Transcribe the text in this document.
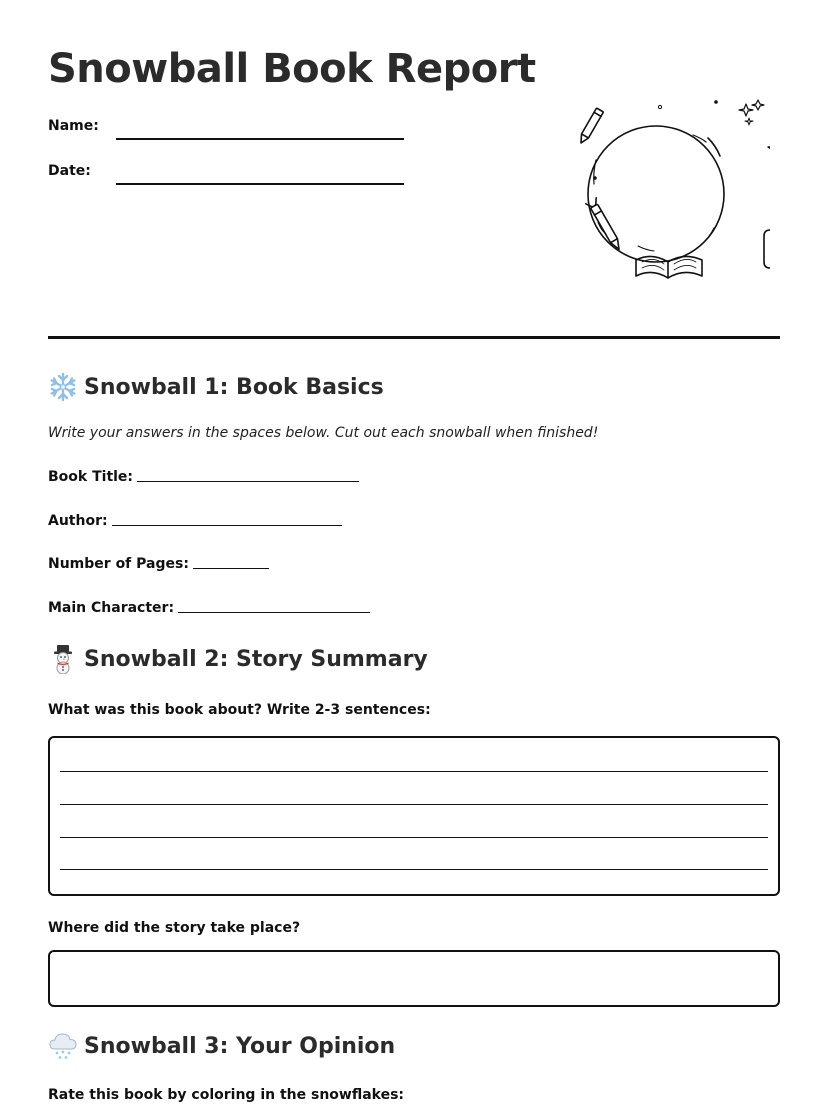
Snowball Book Report
Name:
Date:
Snowball 1: Book Basics
Write your answers in the spaces below. Cut out each snowball when finished!
Book Title:
Author:
Number of Pages:
Main Character:
Snowball 2: Story Summary
What was this book about? Write 2-3 sentences:
Where did the story take place?
Snowball 3: Your Opinion
Rate this book by coloring in the snowflakes:
